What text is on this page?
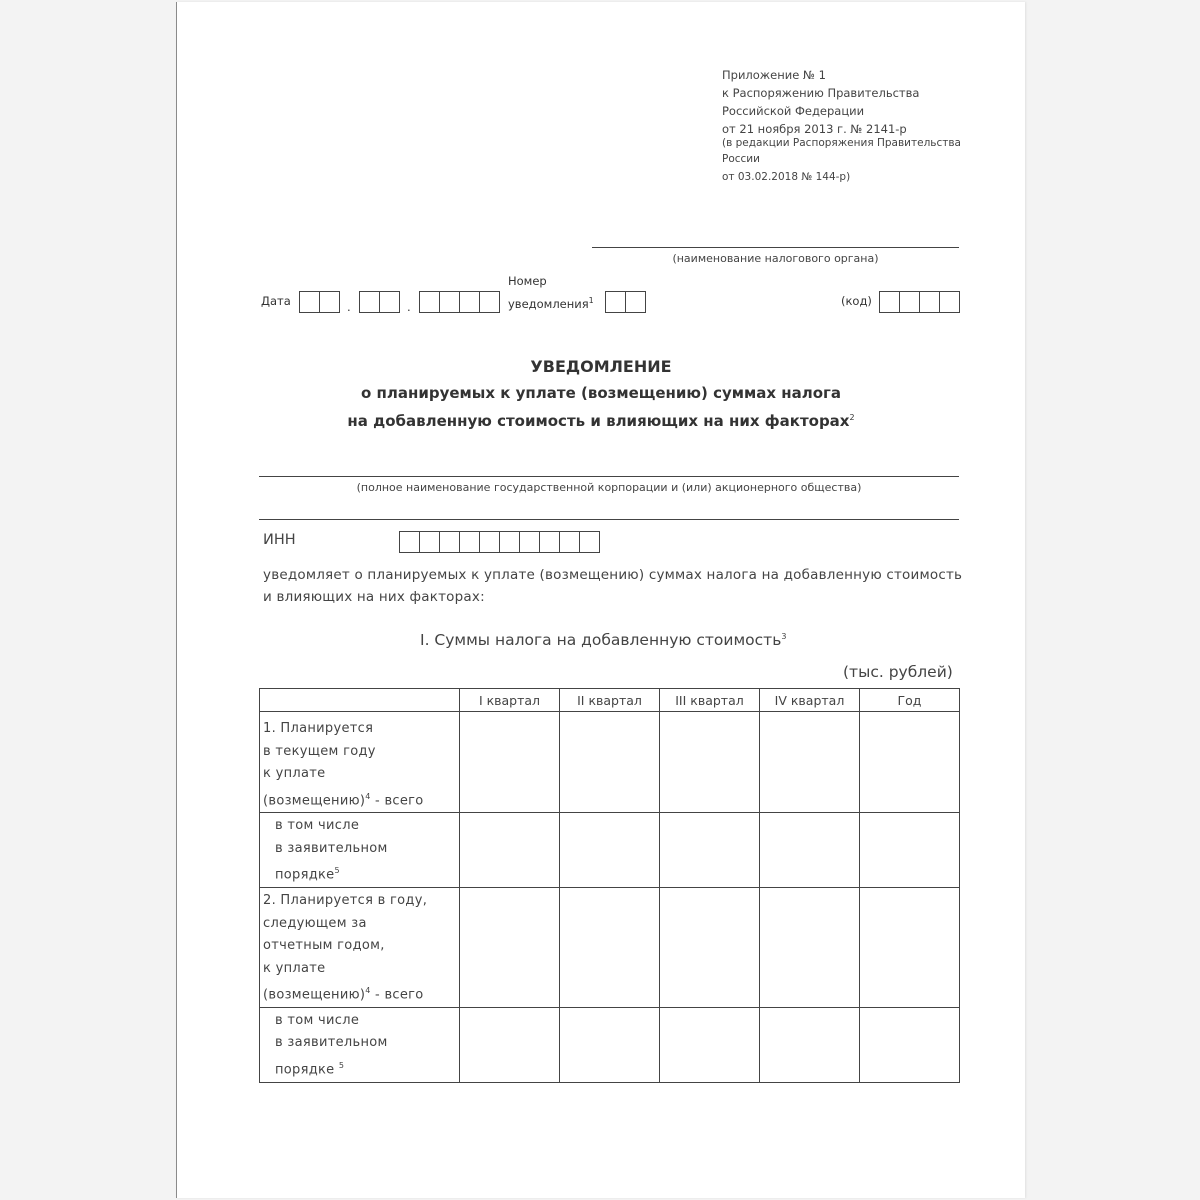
Приложение № 1
к Распоряжению Правительства
Российской Федерации
от 21 ноября 2013 г. № 2141-р
(в редакции Распоряжения Правительства
России
от 03.02.2018 № 144-р)
(наименование налогового органа)
Дата	.	.
Номер
уведомления$^1$	(код)
УВЕДОМЛЕНИЕ
о планируемых к уплате (возмещению) суммах налога
на добавленную стоимость и влияющих на них факторах$^2$
(полное наименование государственной корпорации и (или) акционерного общества)
ИНН
уведомляет о планируемых к уплате (возмещению) суммах налога на добавленную стоимость
и влияющих на них факторах:
I. Суммы налога на добавленную стоимость$^3$
(тыс. рублей)
	I квартал	II квартал	III квартал	IV квартал	Год

1. Планируется
в текущем году
к уплате
(возмещению)$^4$ - всего					

в том числе
в заявительном
порядке$^5$

2. Планируется в году,
следующем за
отчетным годом,
к уплате
(возмещению)$^4$ - всего					

в том числе
в заявительном
порядке $^5$
